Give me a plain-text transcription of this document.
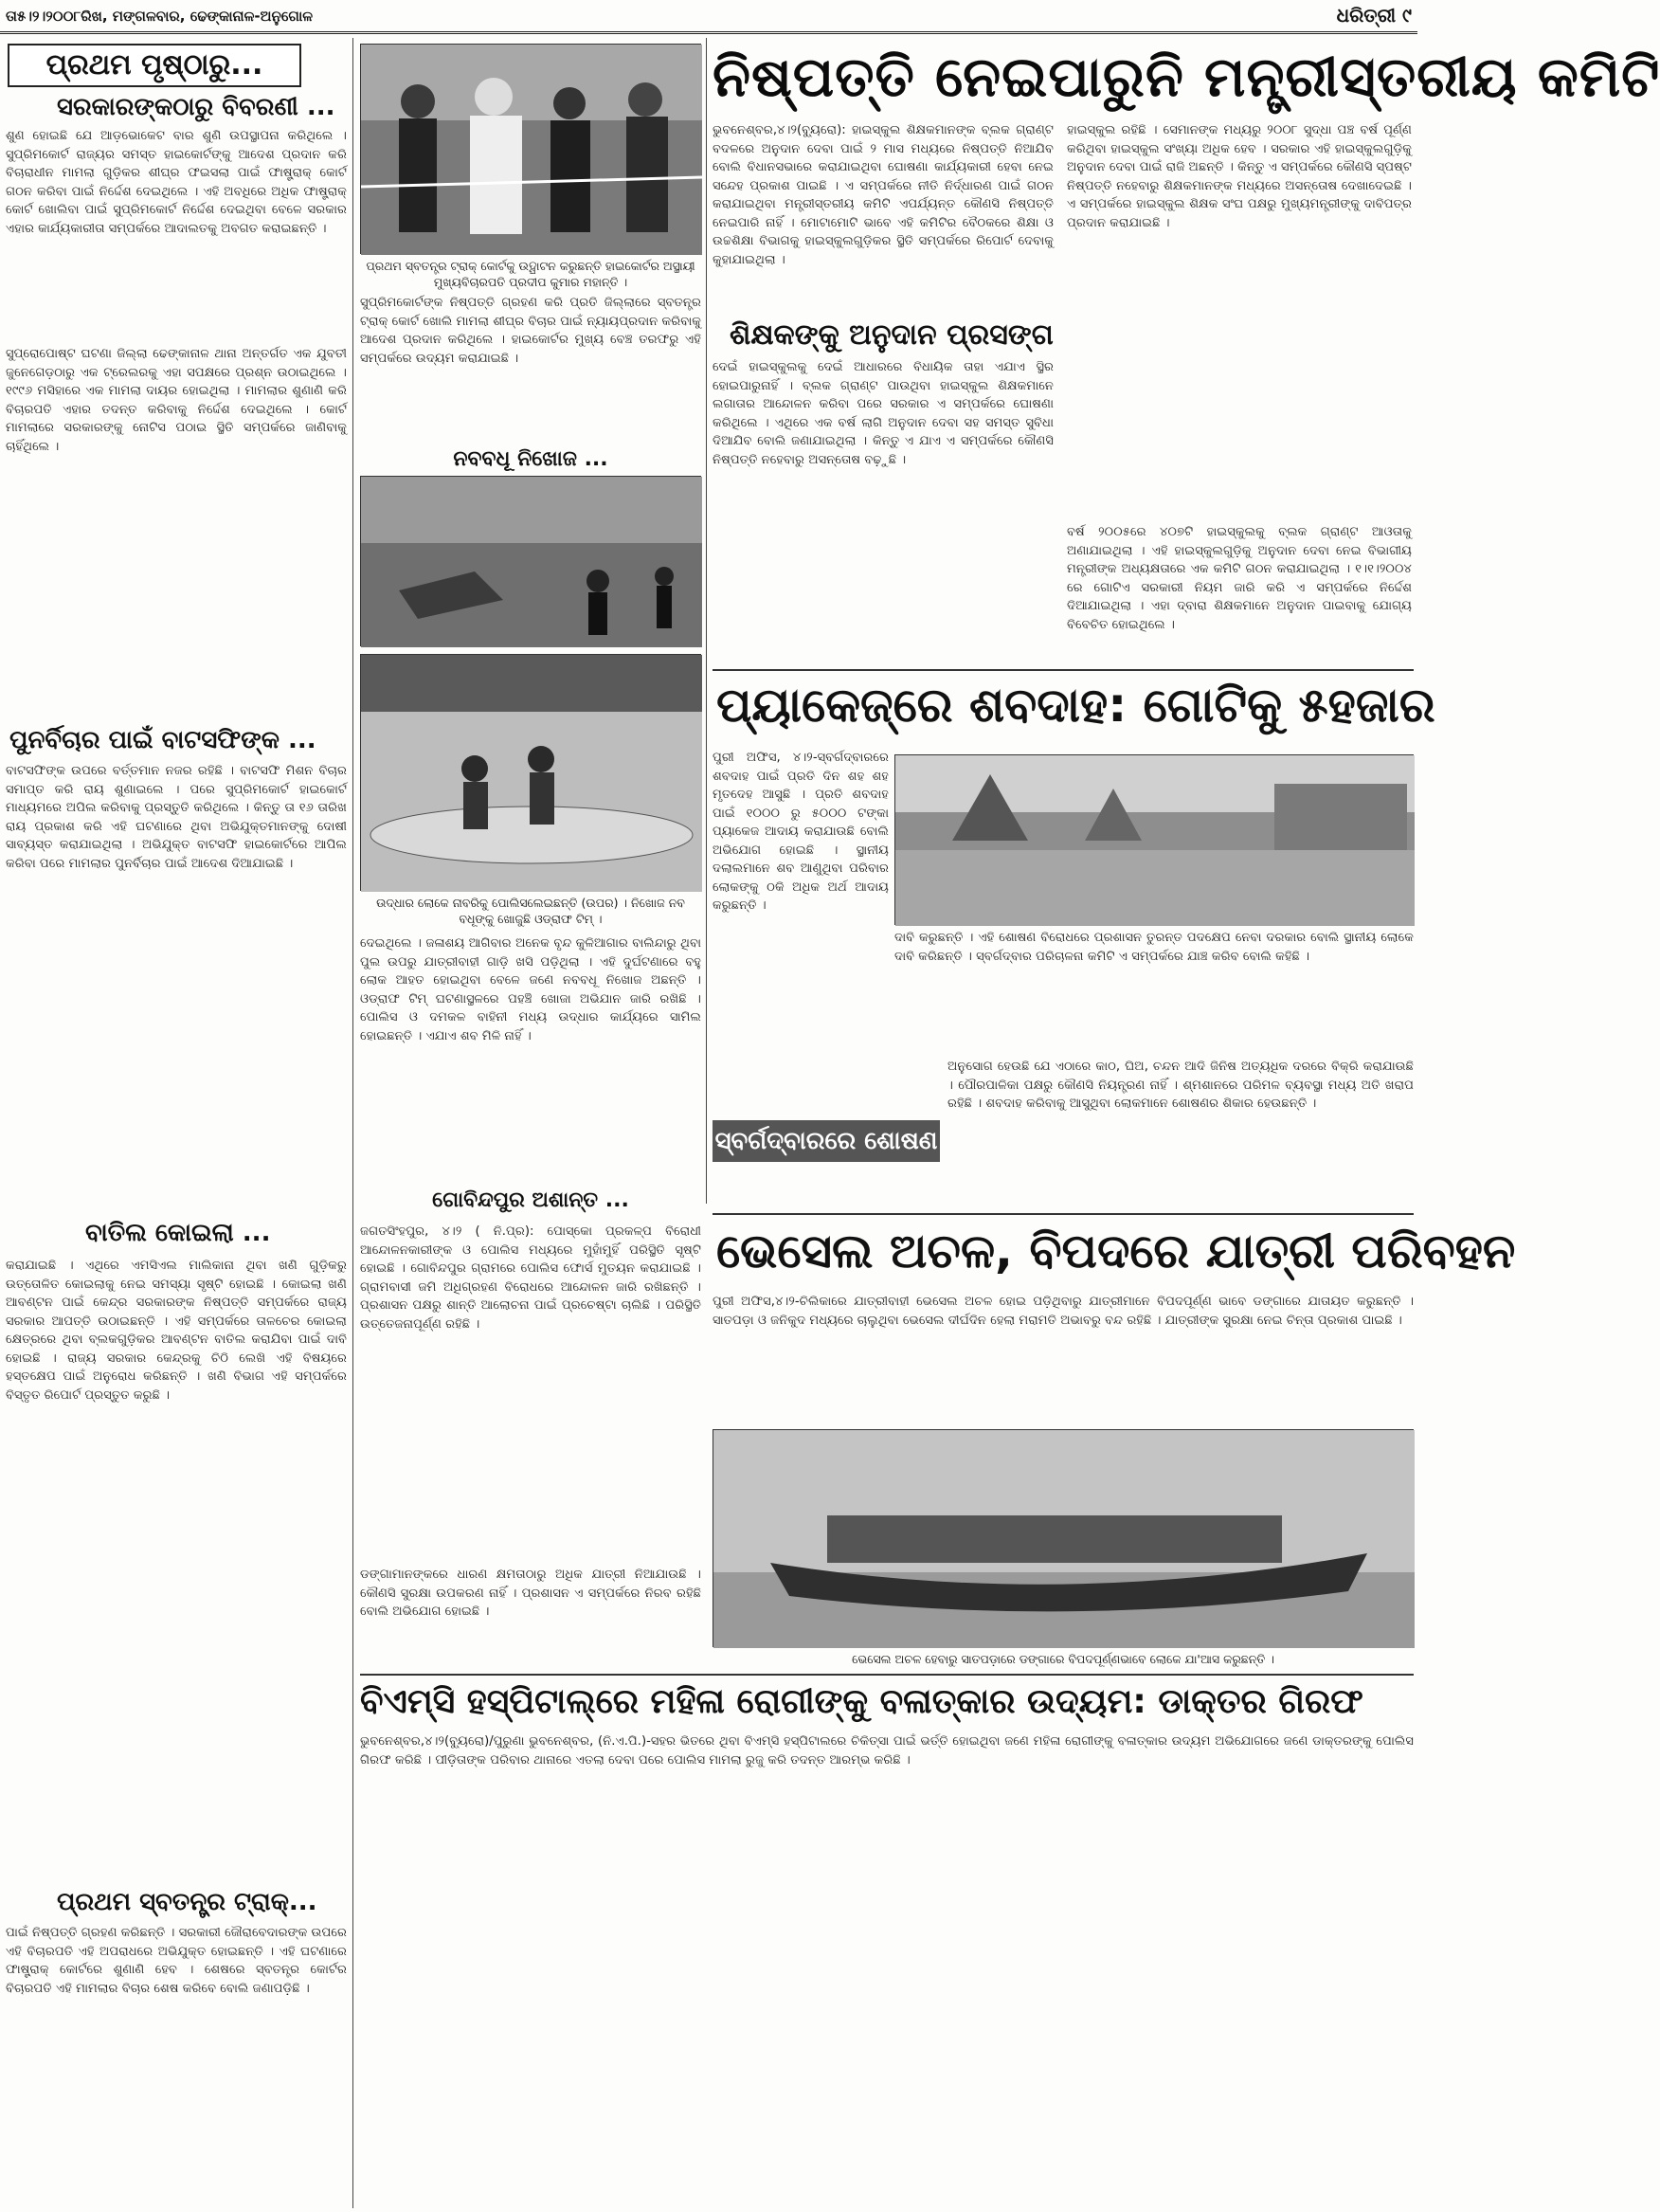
ତା୫।୨।୨୦୦୮ରିଖ, ମଙ୍ଗଳବାର, ଢେଙ୍କାନାଳ-ଅନୁଗୋଳ	ଧରିତ୍ରୀ ୯
ପ୍ରଥମ ପୃଷ୍ଠାରୁ...
ସରକାରଙ୍କଠାରୁ ବିବରଣୀ ...
ଶୁଣ ହୋଇଛି ଯେ ଆଡ଼ଭୋକେଟ ବାର ଶୁଣି ଉପସ୍ଥାପନା କରିଥିଲେ । ସୁପ୍ରିମକୋର୍ଟ ରାଜ୍ୟର ସମସ୍ତ ହାଇକୋର୍ଟଙ୍କୁ ଆଦେଶ ପ୍ରଦାନ କରି ବିଚାରାଧୀନ ମାମଲା ଗୁଡ଼ିକର ଶୀଘ୍ର ଫଇସଲା ପାଇଁ ଫାଷ୍ଟ୍ରାକ୍ କୋର୍ଟ ଗଠନ କରିବା ପାଇଁ ନିର୍ଦ୍ଦେଶ ଦେଇଥିଲେ । ଏହି ଅବଧିରେ ଅଧିକ ଫାଷ୍ଟ୍ରାକ୍ କୋର୍ଟ ଖୋଲିବା ପାଇଁ ସୁପ୍ରିମକୋର୍ଟ ନିର୍ଦ୍ଦେଶ ଦେଇଥିବା ବେଳେ ସରକାର ଏହାର କାର୍ଯ୍ୟକାରୀତା ସମ୍ପର୍କରେ ଆଦାଲତକୁ ଅବଗତ କରାଇଛନ୍ତି ।
ସୁପ୍ରୋପୋଷ୍ଟ ଘଟଣା ଜିଲ୍ଲା ଢେଙ୍କାନାଳ ଥାନା ଅନ୍ତର୍ଗତ ଏକ ଯୁବତୀ ଜୁନେଗେଡ଼ଠାରୁ ଏକ ଟ୍ରେଲରକୁ ଏହା ସପକ୍ଷରେ ପ୍ରଶ୍ନ ଉଠାଇଥିଲେ । ୧୯୯୬ ମସିହାରେ ଏକ ମାମଲା ଦାୟର ହୋଇଥିଲା । ମାମଲାର ଶୁଣାଣି କରି ବିଚାରପତି ଏହାର ତଦନ୍ତ କରିବାକୁ ନିର୍ଦ୍ଦେଶ ଦେଇଥିଲେ । କୋର୍ଟ ମାମଲାରେ ସରକାରଙ୍କୁ ନୋଟିସ ପଠାଇ ସ୍ଥିତି ସମ୍ପର୍କରେ ଜାଣିବାକୁ ଚାହିଁଥିଲେ ।
ପୁନର୍ବିଚାର ପାଇଁ ବାଟସଫିଙ୍କ ...
ବାଟସଫିଙ୍କ ଉପରେ ବର୍ତ୍ତମାନ ନଜର ରହିଛି । ବାଟସଫି ମିଶନ ବିଚାର ସମାପ୍ତ କରି ରାୟ ଶୁଣାଇଲେ । ପରେ ସୁପ୍ରିମକୋର୍ଟ ହାଇକୋର୍ଟ ମାଧ୍ୟମରେ ଅପିଲ କରିବାକୁ ପ୍ରସ୍ତୁତି କରିଥିଲେ । କିନ୍ତୁ ତା ୧୬ ତାରିଖ ରାୟ ପ୍ରକାଶ କରି ଏହି ଘଟଣାରେ ଥିବା ଅଭିଯୁକ୍ତମାନଙ୍କୁ ଦୋଷୀ ସାବ୍ୟସ୍ତ କରାଯାଇଥିଲା । ଅଭିଯୁକ୍ତ ବାଟସଫି ହାଇକୋର୍ଟରେ ଆପିଲ କରିବା ପରେ ମାମଲାର ପୁନର୍ବିଚାର ପାଇଁ ଆଦେଶ ଦିଆଯାଇଛି ।
ବାତିଲ କୋଇଲା ...
କରାଯାଇଛି । ଏଥିରେ ଏମସିଏଲ ମାଲିକାନା ଥିବା ଖଣି ଗୁଡ଼ିକରୁ ଉତ୍ତୋଳିତ କୋଇଲାକୁ ନେଇ ସମସ୍ୟା ସୃଷ୍ଟି ହୋଇଛି । କୋଇଲା ଖଣି ଆବଣ୍ଟନ ପାଇଁ କେନ୍ଦ୍ର ସରକାରଙ୍କ ନିଷ୍ପତ୍ତି ସମ୍ପର୍କରେ ରାଜ୍ୟ ସରକାର ଆପତ୍ତି ଉଠାଇଛନ୍ତି । ଏହି ସମ୍ପର୍କରେ ତାଳଚେର କୋଇଲା କ୍ଷେତ୍ରରେ ଥିବା ବ୍ଲକଗୁଡ଼ିକର ଆବଣ୍ଟନ ବାତିଲ କରାଯିବା ପାଇଁ ଦାବି ହୋଇଛି । ରାଜ୍ୟ ସରକାର କେନ୍ଦ୍ରକୁ ଚିଠି ଲେଖି ଏହି ବିଷୟରେ ହସ୍ତକ୍ଷେପ ପାଇଁ ଅନୁରୋଧ କରିଛନ୍ତି । ଖଣି ବିଭାଗ ଏହି ସମ୍ପର୍କରେ ବିସ୍ତୃତ ରିପୋର୍ଟ ପ୍ରସ୍ତୁତ କରୁଛି ।
ପ୍ରଥମ ସ୍ବତନ୍ତ୍ର ଟ୍ରାକ୍...
ପାଇଁ ନିଷ୍ପତ୍ତି ଗ୍ରହଣ କରିଛନ୍ତି । ସରକାରୀ ଜୌରାବେଦାରଙ୍କ ଉପରେ ଏହି ବିଚାରପତି ଏହି ଅପରାଧରେ ଅଭିଯୁକ୍ତ ହୋଇଛନ୍ତି । ଏହି ଘଟଣାରେ ଫାଷ୍ଟ୍ରାକ୍ କୋର୍ଟରେ ଶୁଣାଣି ହେବ । ଶେଷରେ ସ୍ବତନ୍ତ୍ର କୋର୍ଟର ବିଚାରପତି ଏହି ମାମଲାର ବିଚାର ଶେଷ କରିବେ ବୋଲି ଜଣାପଡ଼ିଛି ।
ପ୍ରଥମ ସ୍ବତନ୍ତ୍ର ଟ୍ରାକ୍ କୋର୍ଟକୁ ଉଦ୍ଘାଟନ କରୁଛନ୍ତି ହାଇକୋର୍ଟର ଅସ୍ଥାୟୀ ମୁଖ୍ୟବିଚାରପତି ପ୍ରଦୀପ କୁମାର ମହାନ୍ତି ।
ସୁପ୍ରିମକୋର୍ଟଙ୍କ ନିଷ୍ପତ୍ତି ଗ୍ରହଣ କରି ପ୍ରତି ଜିଲ୍ଲାରେ ସ୍ବତନ୍ତ୍ର ଟ୍ରାକ୍ କୋର୍ଟ ଖୋଲି ମାମଲା ଶୀଘ୍ର ବିଚାର ପାଇଁ ନ୍ୟାୟପ୍ରଦାନ କରିବାକୁ ଆଦେଶ ପ୍ରଦାନ କରିଥିଲେ । ହାଇକୋର୍ଟର ମୁଖ୍ୟ ବେଞ୍ଚ ତରଫରୁ ଏହି ସମ୍ପର୍କରେ ଉଦ୍ୟମ କରାଯାଇଛି ।
ନବବଧୂ ନିଖୋଜ ...
ଉଦ୍ଧାର ଲୋକେ ନାବରିକୁ ପୋଲିସଲେଇଛନ୍ତି (ଉପର) । ନିଖୋଜ ନବ ବଧୂଙ୍କୁ ଖୋଜୁଛି ଓଡ୍ରାଫ ଟିମ୍ ।
ଦେଇଥିଲେ । ଜଳାଶୟ ଆଗିବାର ଅନେକ ବୃନ୍ଦ କୁଳିଆଗାର ବାଲିନ୍ଦାରୁ ଥିବା ପୁଲ ଉପରୁ ଯାତ୍ରୀବାହୀ ଗାଡ଼ି ଖସି ପଡ଼ିଥିଲା । ଏହି ଦୁର୍ଘଟଣାରେ ବହୁ ଲୋକ ଆହତ ହୋଇଥିବା ବେଳେ ଜଣେ ନବବଧୂ ନିଖୋଜ ଅଛନ୍ତି । ଓଡ୍ରାଫ ଟିମ୍ ଘଟଣାସ୍ଥଳରେ ପହଞ୍ଚି ଖୋଜା ଅଭିଯାନ ଜାରି ରଖିଛି । ପୋଲିସ ଓ ଦମକଳ ବାହିନୀ ମଧ୍ୟ ଉଦ୍ଧାର କାର୍ଯ୍ୟରେ ସାମିଲ ହୋଇଛନ୍ତି । ଏଯାଏ ଶବ ମିଳି ନାହିଁ ।
ନିଷ୍ପତ୍ତି ନେଇପାରୁନି ମନ୍ତ୍ରୀସ୍ତରୀୟ କମିଟି
ଭୁବନେଶ୍ବର,୪।୨(ବ୍ୟୁରୋ): ହାଇସ୍କୁଲ ଶିକ୍ଷକମାନଙ୍କ ବ୍ଲକ ଗ୍ରାଣ୍ଟ ବଦଳରେ ଅନୁଦାନ ଦେବା ପାଇଁ ୨ ମାସ ମଧ୍ୟରେ ନିଷ୍ପତ୍ତି ନିଆଯିବ ବୋଲି ବିଧାନସଭାରେ କରାଯାଇଥିବା ଘୋଷଣା କାର୍ଯ୍ୟକାରୀ ହେବା ନେଇ ସନ୍ଦେହ ପ୍ରକାଶ ପାଇଛି । ଏ ସମ୍ପର୍କରେ ନୀତି ନିର୍ଦ୍ଧାରଣ ପାଇଁ ଗଠନ କରାଯାଇଥିବା ମନ୍ତ୍ରୀସ୍ତରୀୟ କମିଟି ଏପର୍ଯ୍ୟନ୍ତ କୌଣସି ନିଷ୍ପତ୍ତି ନେଇପାରି ନାହିଁ । ମୋଟାମୋଟି ଭାବେ ଏହି କମିଟିର ବୈଠକରେ ଶିକ୍ଷା ଓ ଉଚ୍ଚଶିକ୍ଷା ବିଭାଗକୁ ହାଇସ୍କୁଲଗୁଡ଼ିକର ସ୍ଥିତି ସମ୍ପର୍କରେ ରିପୋର୍ଟ ଦେବାକୁ କୁହାଯାଇଥିଲା ।
ହାଇସ୍କୁଲ ରହିଛି । ସେମାନଙ୍କ ମଧ୍ୟରୁ ୨୦୦୮ ସୁଦ୍ଧା ପଞ୍ଚ ବର୍ଷ ପୂର୍ଣ୍ଣ କରିଥିବା ହାଇସ୍କୁଲ ସଂଖ୍ୟା ଅଧିକ ହେବ । ସରକାର ଏହି ହାଇସ୍କୁଲଗୁଡ଼ିକୁ ଅନୁଦାନ ଦେବା ପାଇଁ ରାଜି ଅଛନ୍ତି । କିନ୍ତୁ ଏ ସମ୍ପର୍କରେ କୌଣସି ସ୍ପଷ୍ଟ ନିଷ୍ପତ୍ତି ନହେବାରୁ ଶିକ୍ଷକମାନଙ୍କ ମଧ୍ୟରେ ଅସନ୍ତୋଷ ଦେଖାଦେଇଛି । ଏ ସମ୍ପର୍କରେ ହାଇସ୍କୁଲ ଶିକ୍ଷକ ସଂଘ ପକ୍ଷରୁ ମୁଖ୍ୟମନ୍ତ୍ରୀଙ୍କୁ ଦାବିପତ୍ର ପ୍ରଦାନ କରାଯାଇଛି ।
ଶିକ୍ଷକଙ୍କୁ ଅନୁଦାନ ପ୍ରସଙ୍ଗ
ଦେଇଁ ହାଇସ୍କୁଲକୁ ଦେଇଁ ଆଧାରରେ ବିଧାୟିକ ତାହା ଏଯାଏ ସ୍ଥିର ହୋଇପାରୁନାହିଁ । ବ୍ଲକ ଗ୍ରାଣ୍ଟ ପାଉଥିବା ହାଇସ୍କୁଲ ଶିକ୍ଷକମାନେ ଲଗାତାର ଆନ୍ଦୋଳନ କରିବା ପରେ ସରକାର ଏ ସମ୍ପର୍କରେ ଘୋଷଣା କରିଥିଲେ । ଏଥିରେ ଏକ ବର୍ଷ ଲାଗି ଅନୁଦାନ ଦେବା ସହ ସମସ୍ତ ସୁବିଧା ଦିଆଯିବ ବୋଲି ଜଣାଯାଇଥିଲା । କିନ୍ତୁ ଏ ଯାଏ ଏ ସମ୍ପର୍କରେ କୌଣସି ନିଷ୍ପତ୍ତି ନହେବାରୁ ଅସନ୍ତୋଷ ବଢ଼ୁଛି ।
ବର୍ଷ ୨୦୦୫ରେ ୪୦୭ଟି ହାଇସ୍କୁଲକୁ ବ୍ଲକ ଗ୍ରାଣ୍ଟ ଆଓତାକୁ ଅଣାଯାଇଥିଲା । ଏହି ହାଇସ୍କୁଲଗୁଡ଼ିକୁ ଅନୁଦାନ ଦେବା ନେଇ ବିଭାଗୀୟ ମନ୍ତ୍ରୀଙ୍କ ଅଧ୍ୟକ୍ଷତାରେ ଏକ କମିଟି ଗଠନ କରାଯାଇଥିଲା । ୧।୧।୨୦୦୪ ରେ ଗୋଟିଏ ସରକାରୀ ନିୟମ ଜାରି କରି ଏ ସମ୍ପର୍କରେ ନିର୍ଦ୍ଦେଶ ଦିଆଯାଇଥିଲା । ଏହା ଦ୍ବାରା ଶିକ୍ଷକମାନେ ଅନୁଦାନ ପାଇବାକୁ ଯୋଗ୍ୟ ବିବେଚିତ ହୋଇଥିଲେ ।
ପ୍ୟାକେଜ୍‌ରେ ଶବଦାହ: ଗୋଟିକୁ ୫ହଜାର
ପୁରୀ ଅଫିସ, ୪।୨-ସ୍ବର୍ଗଦ୍ବାରରେ ଶବଦାହ ପାଇଁ ପ୍ରତି ଦିନ ଶହ ଶହ ମୃତଦେହ ଆସୁଛି । ପ୍ରତି ଶବଦାହ ପାଇଁ ୧୦୦୦ ରୁ ୫୦୦୦ ଟଙ୍କା ପ୍ୟାକେଜ ଆଦାୟ କରାଯାଉଛି ବୋଲି ଅଭିଯୋଗ ହୋଇଛି । ସ୍ଥାନୀୟ ଦଲାଲମାନେ ଶବ ଆଣୁଥିବା ପରିବାର ଲୋକଙ୍କୁ ଠକି ଅଧିକ ଅର୍ଥ ଆଦାୟ କରୁଛନ୍ତି ।
ଦାବି କରୁଛନ୍ତି । ଏହି ଶୋଷଣ ବିରୋଧରେ ପ୍ରଶାସନ ତୁରନ୍ତ ପଦକ୍ଷେପ ନେବା ଦରକାର ବୋଲି ସ୍ଥାନୀୟ ଲୋକେ ଦାବି କରିଛନ୍ତି । ସ୍ବର୍ଗଦ୍ବାର ପରିଚାଳନା କମିଟି ଏ ସମ୍ପର୍କରେ ଯାଞ୍ଚ କରିବ ବୋଲି କହିଛି ।
ସ୍ବର୍ଗଦ୍ବାରରେ ଶୋଷଣ
ଅନୁସୋଗ ହେଉଛି ଯେ ଏଠାରେ କାଠ, ଘିଅ, ଚନ୍ଦନ ଆଦି ଜିନିଷ ଅତ୍ୟଧିକ ଦରରେ ବିକ୍ରି କରାଯାଉଛି । ପୌରପାଳିକା ପକ୍ଷରୁ କୌଣସି ନିୟନ୍ତ୍ରଣ ନାହିଁ । ଶ୍ମଶାନରେ ପରିମଳ ବ୍ୟବସ୍ଥା ମଧ୍ୟ ଅତି ଖରାପ ରହିଛି । ଶବଦାହ କରିବାକୁ ଆସୁଥିବା ଲୋକମାନେ ଶୋଷଣର ଶିକାର ହେଉଛନ୍ତି ।
ଗୋବିନ୍ଦପୁର ଅଶାନ୍ତ ...
ଜଗତସିଂହପୁର, ୪।୨ ( ନି.ପ୍ର): ପୋସ୍କୋ ପ୍ରକଳ୍ପ ବିରୋଧୀ ଆନ୍ଦୋଳନକାରୀଙ୍କ ଓ ପୋଲିସ ମଧ୍ୟରେ ମୁହାଁମୁହିଁ ପରିସ୍ଥିତି ସୃଷ୍ଟି ହୋଇଛି । ଗୋବିନ୍ଦପୁର ଗ୍ରାମରେ ପୋଲିସ ଫୋର୍ସ ମୁତୟନ କରାଯାଇଛି । ଗ୍ରାମବାସୀ ଜମି ଅଧିଗ୍ରହଣ ବିରୋଧରେ ଆନ୍ଦୋଳନ ଜାରି ରଖିଛନ୍ତି । ପ୍ରଶାସନ ପକ୍ଷରୁ ଶାନ୍ତି ଆଲୋଚନା ପାଇଁ ପ୍ରଚେଷ୍ଟା ଚାଲିଛି । ପରିସ୍ଥିତି ଉତ୍ତେଜନାପୂର୍ଣ୍ଣ ରହିଛି ।
ଭେସେଲ ଅଚଳ, ବିପଦରେ ଯାତ୍ରୀ ପରିବହନ
ପୁରୀ ଅଫିସ,୪।୨-ଚିଲିକାରେ ଯାତ୍ରୀବାହୀ ଭେସେଲ ଅଚଳ ହୋଇ ପଡ଼ିଥିବାରୁ ଯାତ୍ରୀମାନେ ବିପଦପୂର୍ଣ୍ଣ ଭାବେ ଡଙ୍ଗାରେ ଯାତାୟତ କରୁଛନ୍ତି । ସାତପଡ଼ା ଓ ଜନିକୁଦ ମଧ୍ୟରେ ଚାଲୁଥିବା ଭେସେଲ ଦୀର୍ଘଦିନ ହେଲା ମରାମତି ଅଭାବରୁ ବନ୍ଦ ରହିଛି । ଯାତ୍ରୀଙ୍କ ସୁରକ୍ଷା ନେଇ ଚିନ୍ତା ପ୍ରକାଶ ପାଇଛି ।
ଭେସେଲ ଅଚଳ ହେବାରୁ ସାତପଡ଼ାରେ ଡଙ୍ଗାରେ ବିପଦପୂର୍ଣ୍ଣଭାବେ ଲୋକେ ଯା'ଆସ କରୁଛନ୍ତି ।
ଡଙ୍ଗାମାନଙ୍କରେ ଧାରଣ କ୍ଷମତାଠାରୁ ଅଧିକ ଯାତ୍ରୀ ନିଆଯାଉଛି । କୌଣସି ସୁରକ୍ଷା ଉପକରଣ ନାହିଁ । ପ୍ରଶାସନ ଏ ସମ୍ପର୍କରେ ନିରବ ରହିଛି ବୋଲି ଅଭିଯୋଗ ହୋଇଛି ।
ବିଏମ୍‌ସି ହସ୍ପିଟାଲ୍‌ରେ ମହିଳା ରୋଗୀଙ୍କୁ ବଳାତ୍କାର ଉଦ୍ୟମ: ଡାକ୍ତର ଗିରଫ
ଭୁବନେଶ୍ବର,୪।୨(ବ୍ୟୁରୋ)/ପୁରୁଣା ଭୁବନେଶ୍ବର, (ନି.ଏ.ପି.)-ସହର ଭିତରେ ଥିବା ବିଏମ୍‌ସି ହସ୍ପିଟାଲରେ ଚିକିତ୍ସା ପାଇଁ ଭର୍ତ୍ତି ହୋଇଥିବା ଜଣେ ମହିଳା ରୋଗୀଙ୍କୁ ବଳାତ୍କାର ଉଦ୍ୟମ ଅଭିଯୋଗରେ ଜଣେ ଡାକ୍ତରଙ୍କୁ ପୋଲିସ ଗିରଫ କରିଛି । ପୀଡ଼ିତାଙ୍କ ପରିବାର ଥାନାରେ ଏତଲା ଦେବା ପରେ ପୋଲିସ ମାମଲା ରୁଜୁ କରି ତଦନ୍ତ ଆରମ୍ଭ କରିଛି ।
